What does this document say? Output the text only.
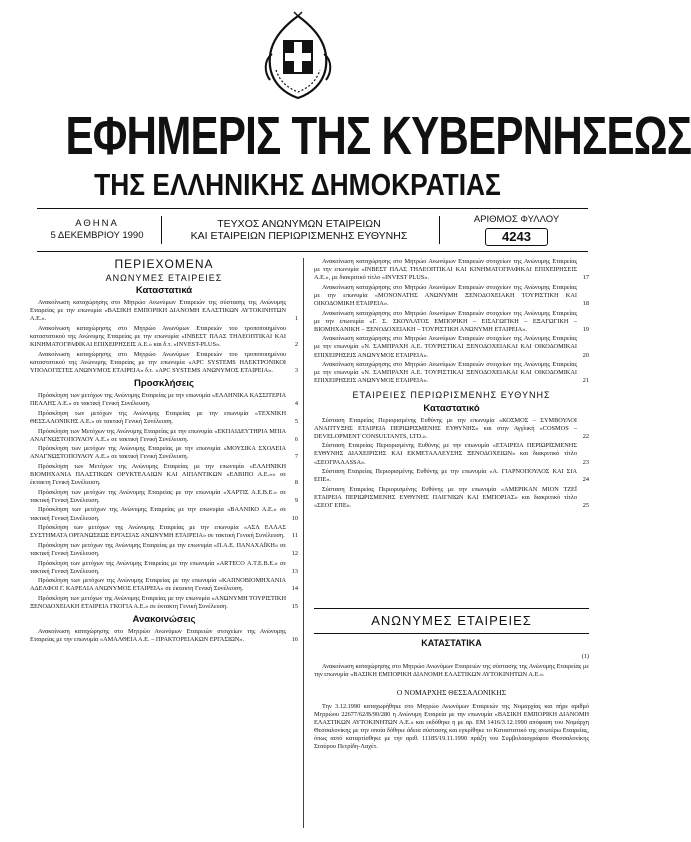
ΕΦΗΜΕΡΙΣ ΤΗΣ ΚΥΒΕΡΝΗΣΕΩΣ
ΤΗΣ ΕΛΛΗΝΙΚΗΣ ΔΗΜΟΚΡΑΤΙΑΣ
ΑΘΗΝΑ
5 ΔΕΚΕΜΒΡΙΟΥ 1990
ΤΕΥΧΟΣ ΑΝΩΝΥΜΩΝ ΕΤΑΙΡΕΙΩΝ
ΚΑΙ ΕΤΑΙΡΕΙΩΝ ΠΕΡΙΩΡΙΣΜΕΝΗΣ ΕΥΘΥΝΗΣ
ΑΡΙΘΜΟΣ ΦΥΛΛΟΥ
4243
ΠΕΡΙΕΧΟΜΕΝΑ
ΑΝΩΝΥΜΕΣ ΕΤΑΙΡΕΙΕΣ
Καταστατικά
Ανακοίνωση καταχώρησης στο Μητρώο Ανωνύμων Εταιρειών της σύστασης της Ανώνυμης Εταιρείας με την επωνυμία «ΒΑΣΙΚΗ ΕΜΠΟΡΙΚΗ ΔΙΑΝΟΜΗ ΕΛΑΣΤΙΚΩΝ ΑΥΤΟΚΙΝΗΤΩΝ Α.Ε.».	1
Ανακοίνωση καταχώρησης στο Μητρώο Ανωνύμων Εταιρειών του τροποποιημένου καταστατικού της Ανώνυμης Εταιρείας με την επωνυμία «ΙΝΒΕΣΤ ΠΛΑΣ ΤΗΛΕΟΠΤΙΚΑΙ ΚΑΙ ΚΙΝΗΜΑΤΟΓΡΑΦΙΚΑΙ ΕΠΙΧΕΙΡΗΣΕΙΣ Α.Ε.» και δ.τ. «INVEST-PLUS».	2
Ανακοίνωση καταχώρησης στο Μητρώο Ανωνύμων Εταιρειών του τροποποιημένου καταστατικού της Ανώνυμης Εταιρείας με την επωνυμία «APC SYSTEMS ΗΛΕΚΤΡΟΝΙΚΟΙ ΥΠΟΛΟΓΙΣΤΕΣ ΑΝΩΝΥΜΟΣ ΕΤΑΙΡΕΙΑ» δ.τ. «APC SYSTEMS ΑΝΩΝΥΜΟΣ ΕΤΑΙΡΕΙΑ».	3
Προσκλήσεις
Πρόσκληση των μετόχων της Ανώνυμης Εταιρείας με την επωνυμία «ΕΛΛΗΝΙΚΑ ΚΑΣΣΙΤΕΡΙΑ ΠΕΛΛΗΣ Α.Ε.» σε τακτική Γενική Συνέλευση.	4
Πρόσκληση των μετόχων της Ανώνυμης Εταιρείας με την επωνυμία «ΤΕΧΝΙΚΗ ΘΕΣΣΑΛΟΝΙΚΗΣ Α.Ε.» σε τακτική Γενική Συνέλευση.	5
Πρόσκληση των Μετόχων της Ανώνυμης Εταιρείας με την επωνυμία «ΕΚΠΑΙΔΕΥΤΗΡΙΑ ΜΠΙΑ ΑΝΑΓΝΩΣΤΟΠΟΥΛΟΥ Α.Ε.» σε τακτική Γενική Συνέλευση.	6
Πρόσκληση των μετόχων της Ανώνυμης Εταιρείας με την επωνυμία «ΜΟΥΣΙΚΑ ΣΧΟΛΕΙΑ ΑΝΑΓΝΩΣΤΟΠΟΥΛΟΥ Α.Ε.» σε τακτική Γενική Συνέλευση.	7
Πρόσκληση των Μετόχων της Ανώνυμης Εταιρείας με την επωνυμία «ΕΛΛΗΝΙΚΗ ΒΙΟΜΗΧΑΝΙΑ ΠΛΑΣΤΙΚΩΝ ΟΡΥΚΤΕΛΑΙΩΝ ΚΑΙ ΛΙΠΑΝΤΙΚΩΝ «ΕΛΒΙΠΟ Α.Ε.»» σε έκτακτη Γενική Συνέλευση.	8
Πρόσκληση των μετόχων της Ανώνυμης Εταιρείας με την επωνυμία «ΧΑΡΤΙΣ Α.Ε.Β.Ε.» σε τακτική Γενική Συνέλευση.	9
Πρόσκληση των μετόχων της Ανώνυμης Εταιρείας με την επωνυμία «ΒΑΛΝΙΚΟ Α.Ε.» σε τακτική Γενική Συνέλευση.	10
Πρόσκληση των μετόχων της Ανώνυμης Εταιρείας με την επωνυμία «ΑΣΛ ΕΛΛΑΣ ΣΥΣΤΗΜΑΤΑ ΟΡΓΑΝΩΣΕΩΣ ΕΡΓΑΣΙΑΣ ΑΝΩΝΥΜΗ ΕΤΑΙΡΕΙΑ» σε τακτική Γενική Συνέλευση.	11
Πρόσκληση των μετόχων της Ανώνυμης Εταιρείας με την επωνυμία «Π.Α.Ε. ΠΑΝΑΧΑΪΚΗ» σε τακτική Γενική Συνέλευση.	12
Πρόσκληση των μετόχων της Ανώνυμης Εταιρείας με την επωνυμία «ΑRΤΕCO Α.Τ.Ε.Β.Ε.» σε τακτική Γενική Συνέλευση.	13
Πρόσκληση των μετόχων της Ανώνυμης Εταιρείας με την επωνυμία «ΚΑΠΝΟΒΙΟΜΗΧΑΝΙΑ ΑΔΕΛΦΟΙ Γ. ΚΑΡΕΛΙΑ ΑΝΩΝΥΜΟΣ ΕΤΑΙΡΕΙΑ» σε έκτακτη Γενική Συνέλευση.	14
Πρόσκληση των μετόχων της Ανώνυμης Εταιρείας με την επωνυμία «ΑΝΩΝΥΜΗ ΤΟΥΡΙΣΤΙΚΗ ΞΕΝΟΔΟΧΕΙΑΚΗ ΕΤΑΙΡΕΙΑ ΓΚΟΓΙΑ Α.Ε.» σε έκτακτη Γενική Συνέλευση.	15
Ανακοινώσεις
Ανακοίνωση καταχώρησης στο Μητρώο Ανωνύμων Εταιρειών στοιχείων της Ανώνυμης Εταιρείας με την επωνυμία «ΑΜΑΛΘΕΙΑ Α.Ε. – ΠΡΑΚΤΟΡΕΙΑΚΩΝ ΕΡΓΑΣΙΩΝ».	16
Ανακοίνωση καταχώρησης στο Μητρώο Ανωνύμων Εταιρειών στοιχείων της Ανώνυμης Εταιρείας με την επωνυμία «ΙΝΒΕΣΤ ΠΛΑΣ ΤΗΛΕΟΠΤΙΚΑΙ ΚΑΙ ΚΙΝΗΜΑΤΟΓΡΑΦΙΚΑΙ ΕΠΙΧΕΙΡΗΣΕΙΣ Α.Ε.», με διακριτικό τίτλο «INVEST PLUS».	17
Ανακοίνωση καταχώρησης στο Μητρώο Ανωνύμων Εταιρειών στοιχείων της Ανώνυμης Εταιρείας με την επωνυμία «ΜΟΝΟΝΑΤΗΣ ΑΝΩΝΥΜΗ ΞΕΝΟΔΟΧΕΙΑΚΗ ΤΟΥΡΙΣΤΙΚΗ ΚΑΙ ΟΙΚΟΔΟΜΙΚΗ ΕΤΑΙΡΕΙΑ».	18
Ανακοίνωση καταχώρησης στο Μητρώο Ανωνύμων Εταιρειών στοιχείων της Ανώνυμης Εταιρείας με την επωνυμία «Γ. Σ. ΣΚΟΥΛΑΤΟΣ ΕΜΠΟΡΙΚΗ – ΕΙΣΑΓΩΓΙΚΗ – ΕΞΑΓΩΓΙΚΗ – ΒΙΟΜΗΧΑΝΙΚΗ – ΞΕΝΟΔΟΧΕΙΑΚΗ – ΤΟΥΡΙΣΤΙΚΗ ΑΝΩΝΥΜΗ ΕΤΑΙΡΕΙΑ».	19
Ανακοίνωση καταχώρησης στο Μητρώο Ανωνύμων Εταιρειών στοιχείων της Ανώνυμης Εταιρείας με την επωνυμία «Ν. ΣΑΜΠΡΑΧΗ Α.Ε. ΤΟΥΡΙΣΤΙΚΑΙ ΞΕΝΟΔΟΧΕΙΑΚΑΙ ΚΑΙ ΟΙΚΟΔΟΜΙΚΑΙ ΕΠΙΧΕΙΡΗΣΕΙΣ ΑΝΩΝΥΜΟΣ ΕΤΑΙΡΕΙΑ».	20
Ανακοίνωση καταχώρησης στο Μητρώο Ανωνύμων Εταιρειών στοιχείων της Ανώνυμης Εταιρείας με την επωνυμία «Ν. ΣΑΜΠΡΑΧΗ Α.Ε. ΤΟΥΡΙΣΤΙΚΑΙ ΞΕΝΟΔΟΧΕΙΑΚΑΙ ΚΑΙ ΟΙΚΟΔΟΜΙΚΑΙ ΕΠΙΧΕΙΡΗΣΕΙΣ ΑΝΩΝΥΜΟΣ ΕΤΑΙΡΕΙΑ».	21
ΕΤΑΙΡΕΙΕΣ ΠΕΡΙΩΡΙΣΜΕΝΗΣ ΕΥΘΥΝΗΣ
Καταστατικό
Σύσταση Εταιρείας Περιορισμένης Ευθύνης με την επωνυμία «ΚΟΣΜΟΣ – ΣΥΜΒΟΥΛΟΙ ΑΝΑΠΤΥΞΗΣ ΕΤΑΙΡΕΙΑ ΠΕΡΙΩΡΙΣΜΕΝΗΣ ΕΥΘΥΝΗΣ» και στην Αγγλική «COSMOS – DEVELOPMENT CONSULTANTS, LTD.».	22
Σύσταση Εταιρείας Περιορισμένης Ευθύνης με την επωνυμία «ΕΤΑΙΡΕΙΑ ΠΕΡΙΩΡΙΣΜΕΝΗΣ ΕΥΘΥΝΗΣ ΔΙΑΧΕΙΡΙΣΗΣ ΚΑΙ ΕΚΜΕΤΑΛΛΕΥΣΗΣ ΞΕΝΟΔΟΧΕΙΩΝ» και διακριτικό τίτλο «ΣΕΟΓΡΑΛΑSSA».	23
Σύσταση Εταιρείας Περιορισμένης Ευθύνης με την επωνυμία «Α. ΓΙΑΡΝΟΠΟΥΛΟΣ ΚΑΙ ΣΙΑ ΕΠΕ».	24
Σύσταση Εταιρείας Περιορισμένης Ευθύνης με την επωνυμία «ΑΜΕΡΙΚΑΝ ΜΙΟΝ ΤΖΕΪ ΕΤΑΙΡΕΙΑ ΠΕΡΙΩΡΙΣΜΕΝΗΣ ΕΥΘΥΝΗΣ ΠΑΙΓΝΙΩΝ ΚΑΙ ΕΜΠΟΡΙΑΣ» και διακριτικό τίτλο «ΣΕΟΓ ΕΠΕ».	25
ΑΝΩΝΥΜΕΣ ΕΤΑΙΡΕΙΕΣ
ΚΑΤΑΣΤΑΤΙΚΑ
(1)
Ανακοίνωση καταχώρησης στο Μητρώο Ανωνύμων Εταιρειών της σύστασης της Ανώνυμης Εταιρείας με την επωνυμία «ΒΑΣΙΚΗ ΕΜΠΟΡΙΚΗ ΔΙΑΝΟΜΗ ΕΛΑΣΤΙΚΩΝ ΑΥΤΟΚΙΝΗΤΩΝ Α.Ε.».
Ο ΝΟΜΑΡΧΗΣ ΘΕΣΣΑΛΟΝΙΚΗΣ
Την 3.12.1990 καταχωρήθηκε στο Μητρώο Ανωνύμων Εταιρειών της Νομαρχίας και πήρε αριθμό Μητρώου 22677/62/Β/90/280 η Ανώνυμη Εταιρεία με την επωνυμία «ΒΑΣΙΚΗ ΕΜΠΟΡΙΚΗ ΔΙΑΝΟΜΗ ΕΛΑΣΤΙΚΩΝ ΑΥΤΟΚΙΝΗΤΩΝ Α.Ε.» και εκδόθηκε η με αρ. ΕΜ 1416/3.12.1990 απόφαση του Νομάρχη Θεσσαλονίκης με την οποία δόθηκε άδεια σύστασης και εγκρίθηκε το Καταστατικό της ανωτέρω Εταιρείας, όπως αυτό καταρτίσθηκε με την αριθ. 11185/19.11.1990 πράξη του Συμβολαιογράφου Θεσσαλονίκης Σταύρου Πετρίδη-Λαχέτ.
